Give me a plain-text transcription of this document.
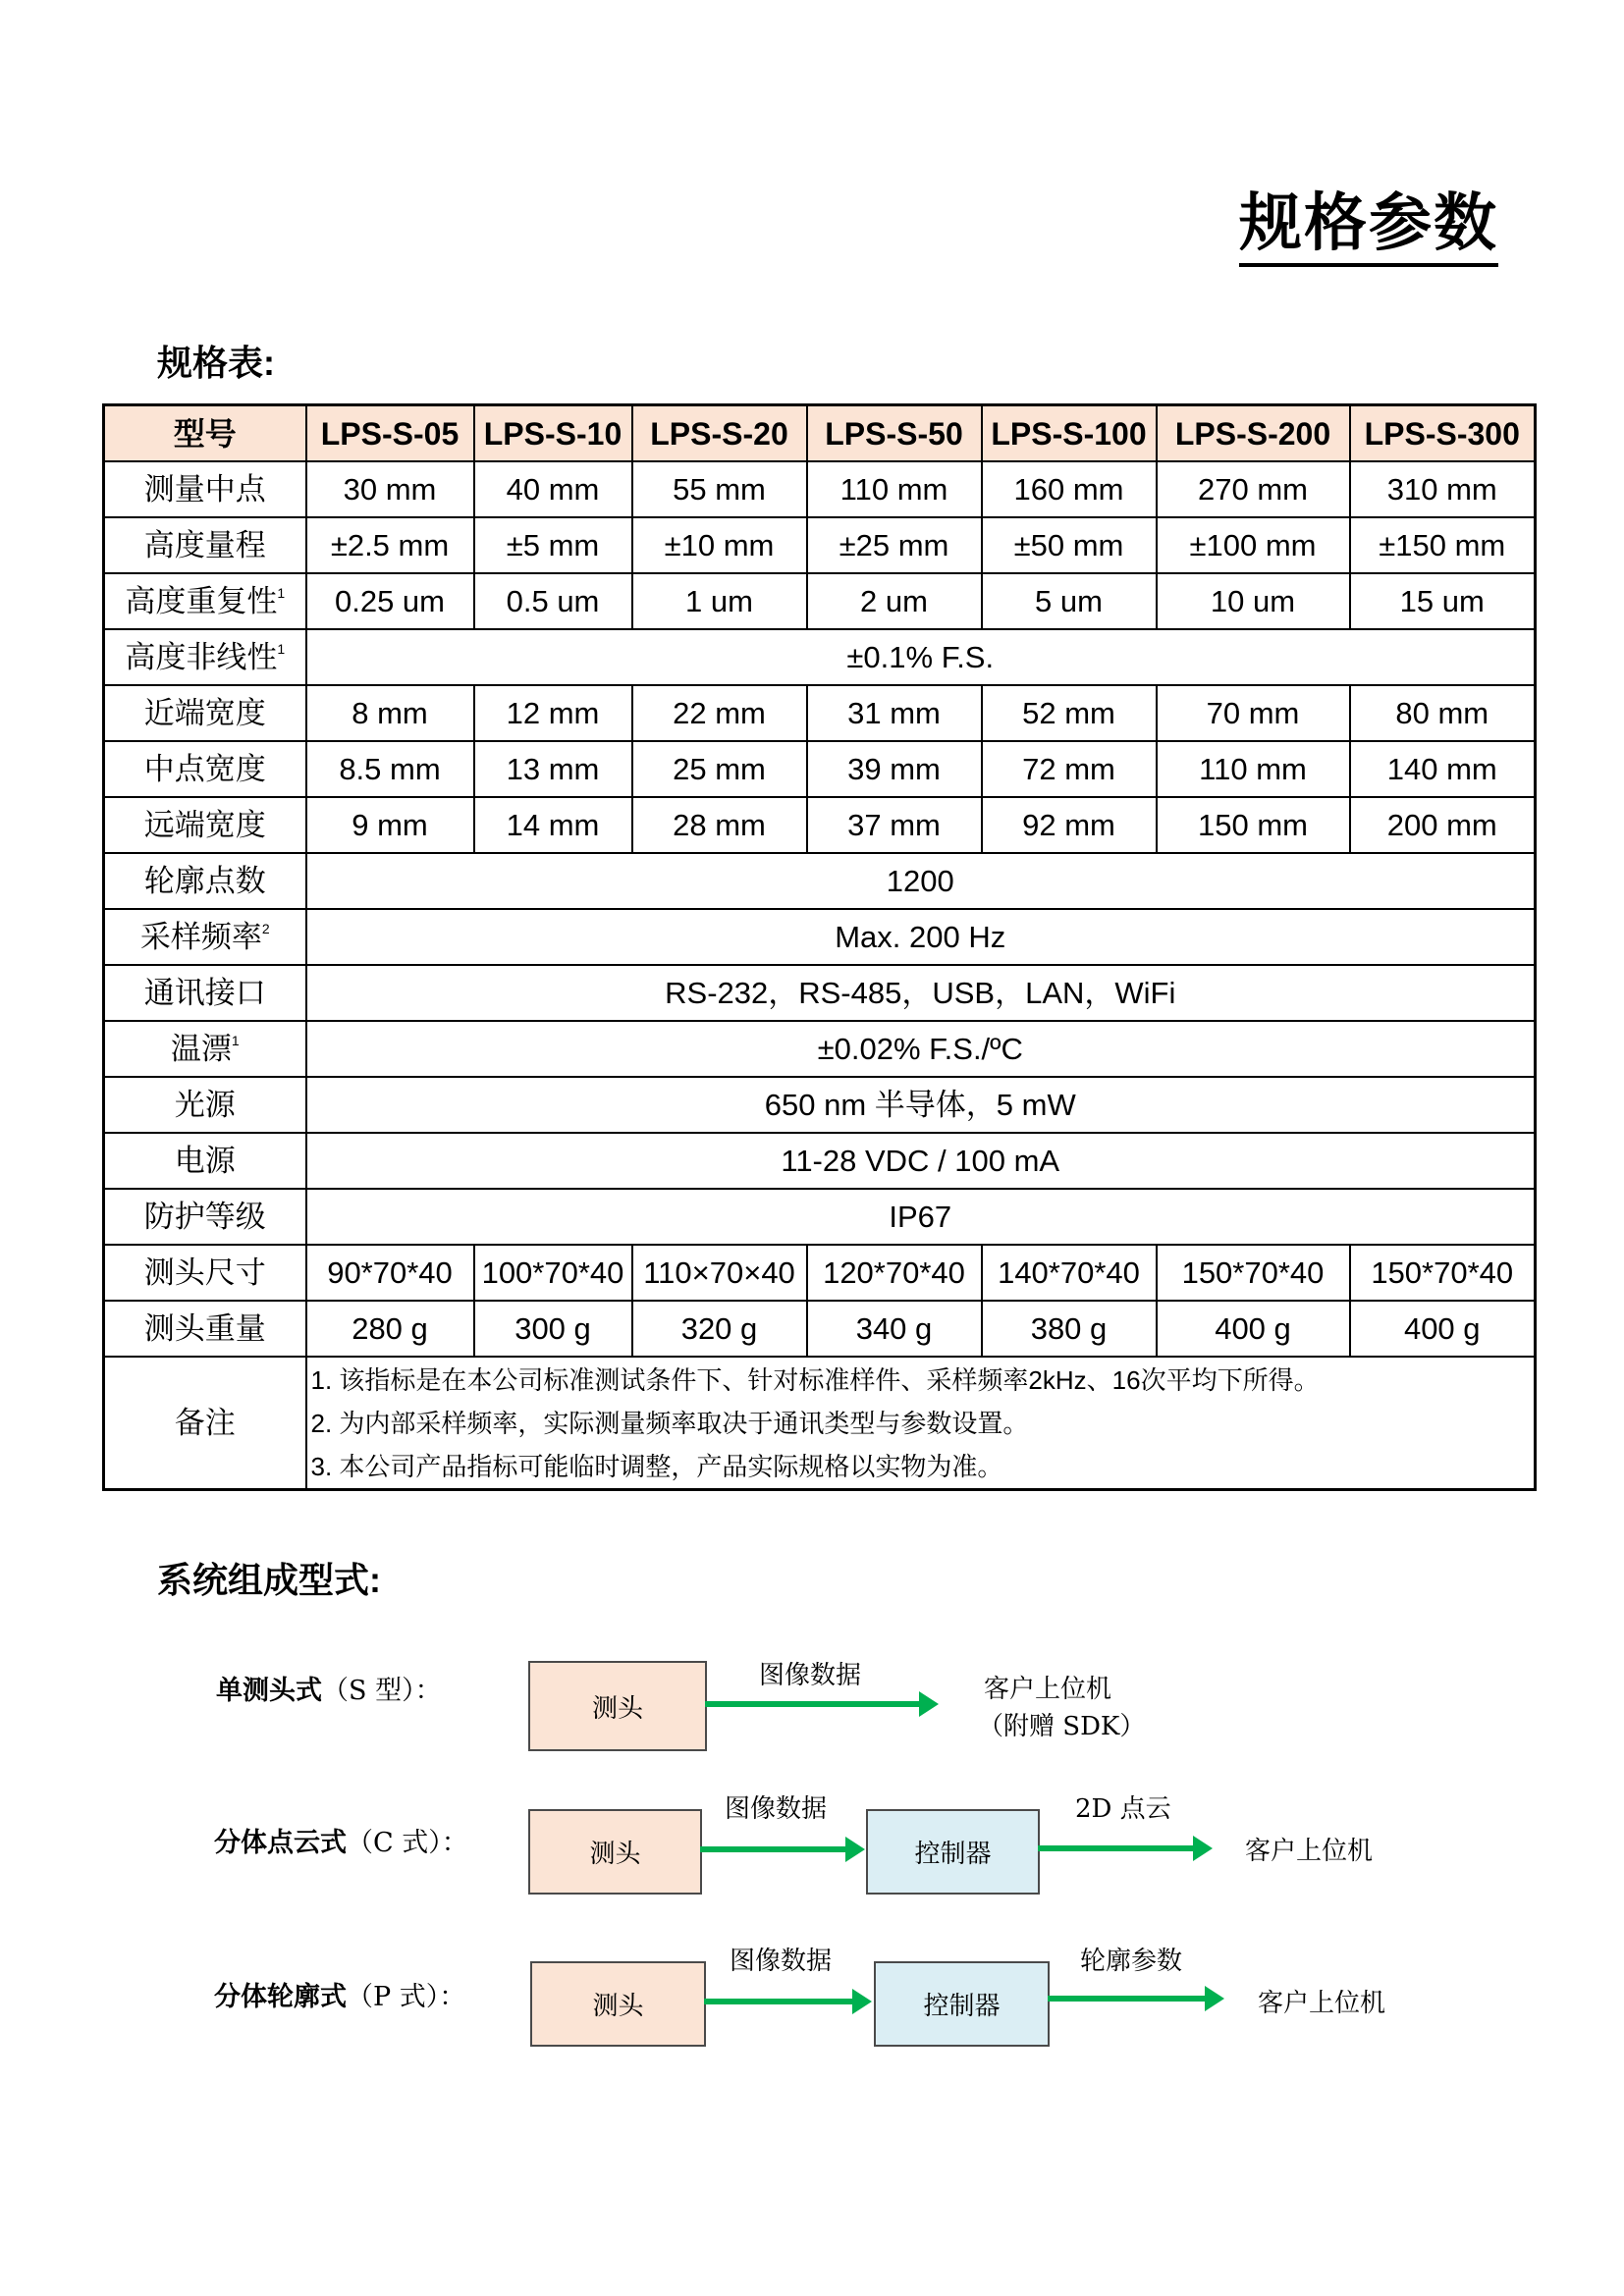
规格参数
规格表:
型号	LPS-S-05	LPS-S-10	LPS-S-20	LPS-S-50	LPS-S-100	LPS-S-200	LPS-S-300
测量中点	30 mm	40 mm	55 mm	110 mm	160 mm	270 mm	310 mm
高度量程	±2.5 mm	±5 mm	±10 mm	±25 mm	±50 mm	±100 mm	±150 mm
高度重复性$^1$	0.25 um	0.5 um	1 um	2 um	5 um	10 um	15 um
高度非线性$^1$	±0.1% F.S.						
近端宽度	8 mm	12 mm	22 mm	31 mm	52 mm	70 mm	80 mm
中点宽度	8.5 mm	13 mm	25 mm	39 mm	72 mm	110 mm	140 mm
远端宽度	9 mm	14 mm	28 mm	37 mm	92 mm	150 mm	200 mm
轮廓点数	1200						
采样频率$^2$	Max. 200 Hz						
通讯接口	RS-232，RS-485，USB，LAN，WiFi						
温漂$^1$	±0.02% F.S./ºC						
光源	650 nm 半导体，5 mW						
电源	11-28 VDC / 100 mA						
防护等级	IP67						
测头尺寸	90*70*40	100*70*40	110×70×40	120*70*40	140*70*40	150*70*40	150*70*40
测头重量	280 g	300 g	320 g	340 g	380 g	400 g	400 g
备注	1. 该指标是在本公司标准测试条件下、针对标准样件、采样频率2kHz、16次平均下所得。
2. 为内部采样频率，实际测量频率取决于通讯类型与参数设置。
3. 本公司产品指标可能临时调整，产品实际规格以实物为准。						
系统组成型式:
单测头式（S 型）：
测头
图像数据	客户上位机
（附赠 SDK）
分体点云式（C 式）：	测头
图像数据
控制器
2D 点云
客户上位机
分体轮廓式（P 式）：	测头
图像数据
控制器
轮廓参数
客户上位机
